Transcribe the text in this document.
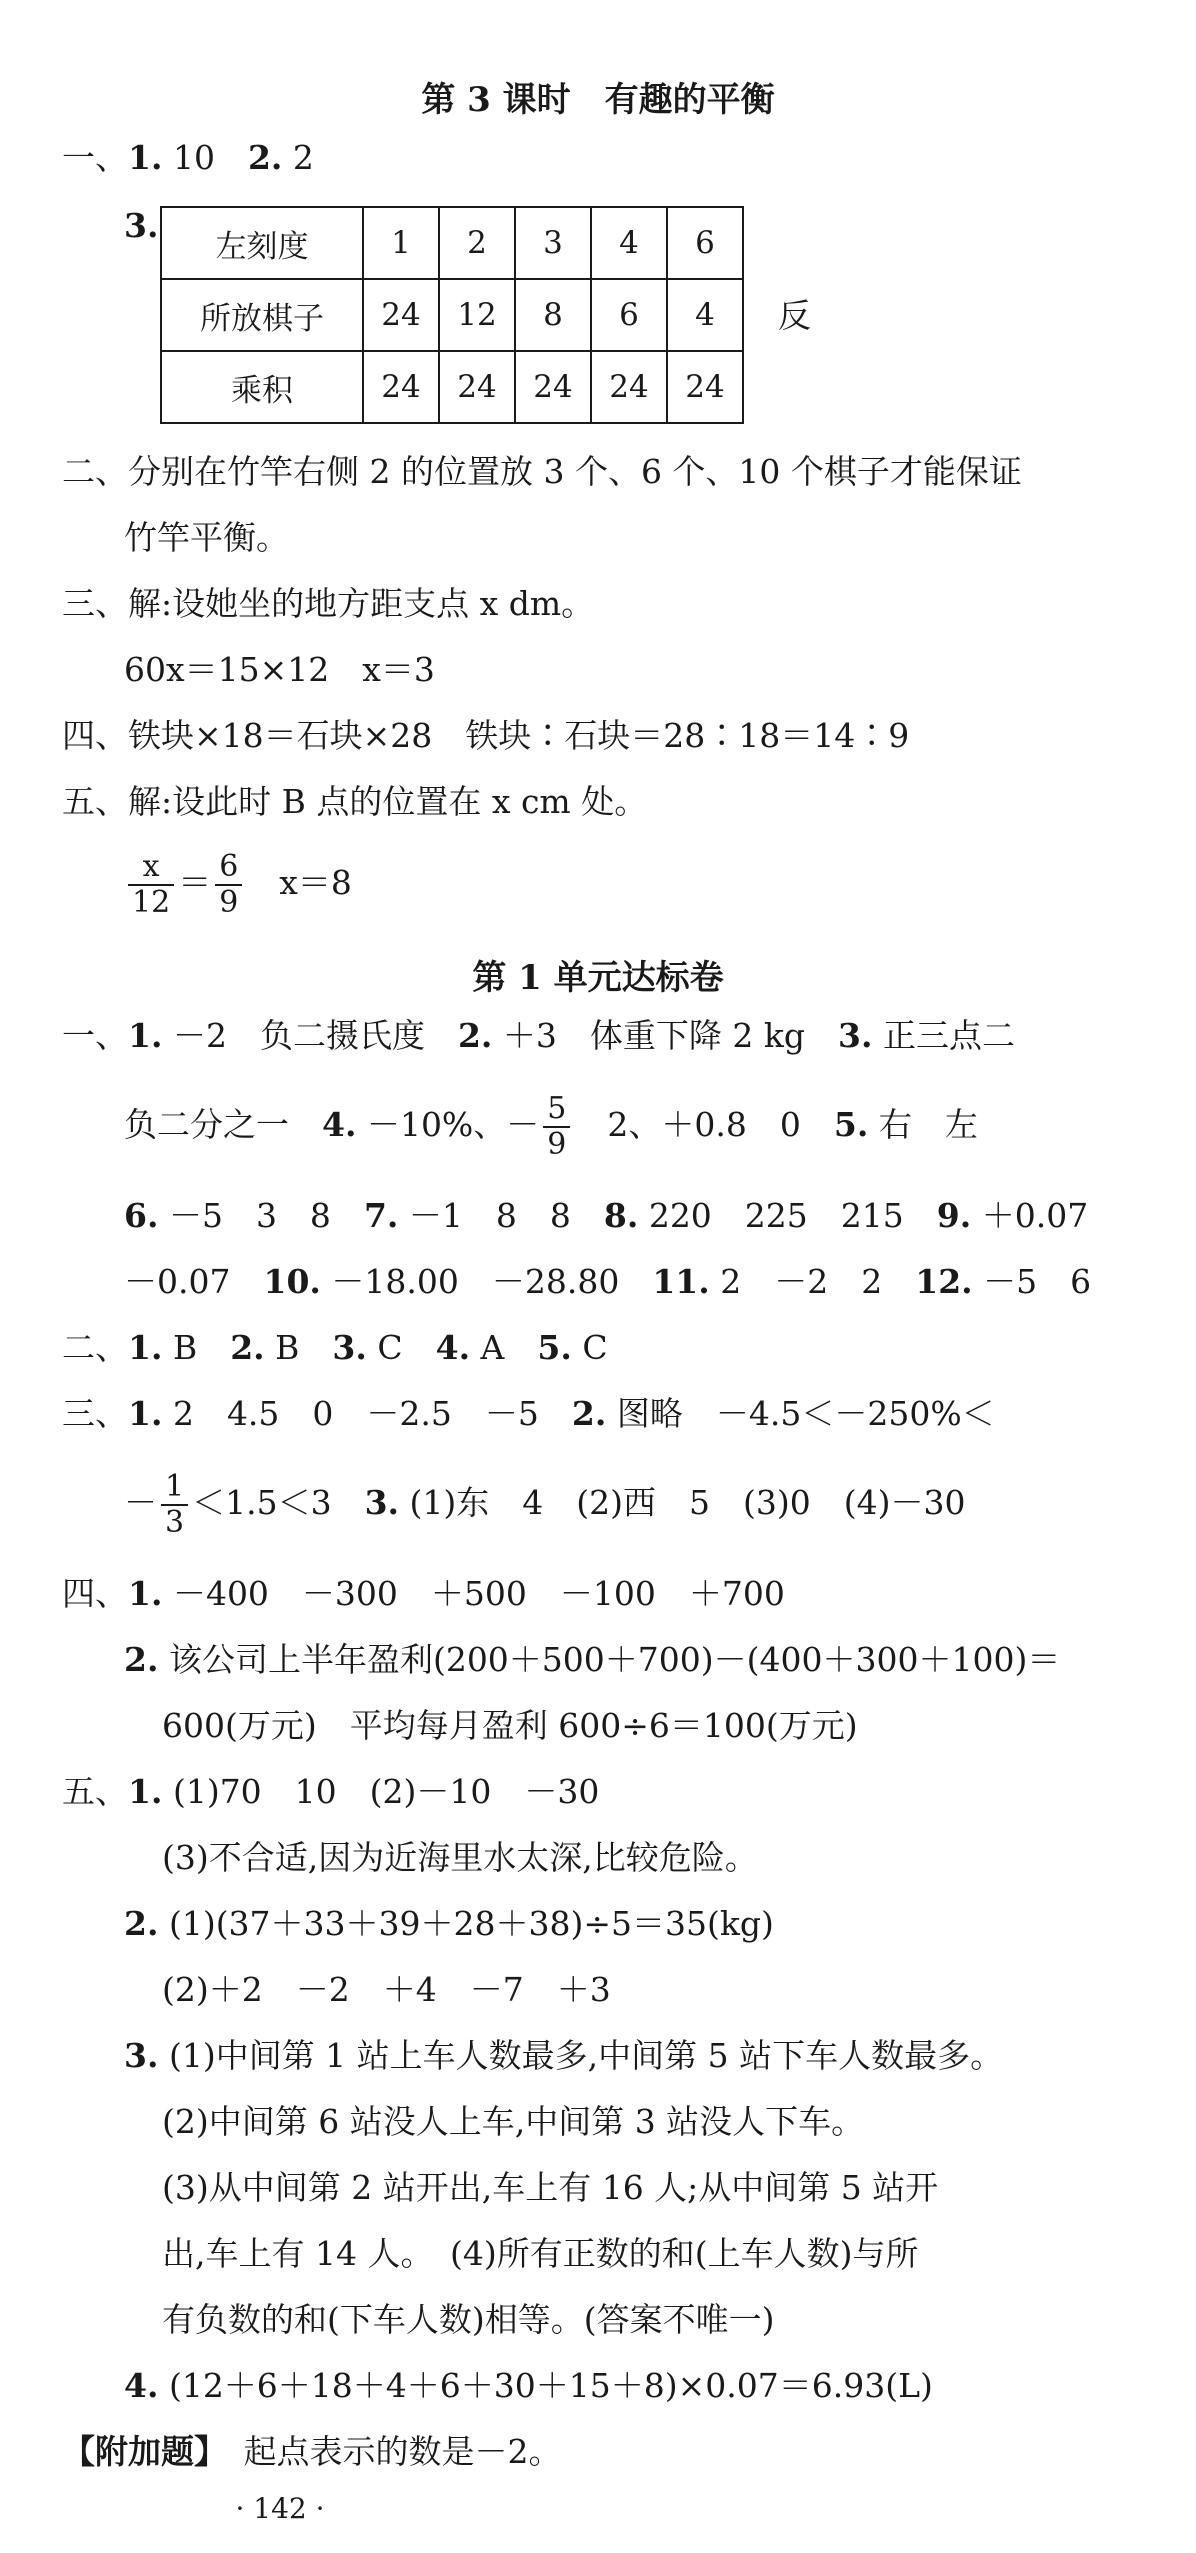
第 3 课时　有趣的平衡
一、1. 10　2. 2
3.
左刻度	1	2	3	4	6
所放棋子	24	12	8	6	4
乘积	24	24	24	24	24
反
二、分别在竹竿右侧 2 的位置放 3 个、6 个、10 个棋子才能保证
竹竿平衡。
三、解:设她坐的地方距支点 x dm。
60x＝15×12　x＝3
四、铁块×18＝石块×28　铁块∶石块＝28∶18＝14∶9
五、解:设此时 B 点的位置在 x cm 处。
$\frac{x}{12} = \frac{6}{9}$ 　x＝8
第 1 单元达标卷
一、1. －2　负二摄氏度　2. ＋3　体重下降 2 kg　3. 正三点二
负二分之一　4. －10%、－ $\frac{5}{9}$ 　2、＋0.8　0　5. 右　左
6. －5　3　8　7. －1　8　8　8. 220　225　215　9. ＋0.07
－0.07　10. －18.00　－28.80　11. 2　－2　2　12. －5　6
二、1. B　2. B　3. C　4. A　5. C
三、1. 2　4.5　0　－2.5　－5　2. 图略　－4.5＜－250%＜
－ $\frac{1}{3} <1.5<3$　3. (1)东　4　(2)西　5　(3)0　(4)－30
四、1. －400　－300　＋500　－100　＋700
2. 该公司上半年盈利(200＋500＋700)－(400＋300＋100)＝
600(万元)　平均每月盈利 600÷6＝100(万元)
五、1. (1)70　10　(2)－10　－30
(3)不合适,因为近海里水太深,比较危险。
2. (1)(37＋33＋39＋28＋38)÷5＝35(kg)
(2)＋2　－2　＋4　－7　＋3
3. (1)中间第 1 站上车人数最多,中间第 5 站下车人数最多。
(2)中间第 6 站没人上车,中间第 3 站没人下车。
(3)从中间第 2 站开出,车上有 16 人;从中间第 5 站开
出,车上有 14 人。　(4)所有正数的和(上车人数)与所
有负数的和(下车人数)相等。(答案不唯一)
4. (12＋6＋18＋4＋6＋30＋15＋8)×0.07＝6.93(L)
【附加题】　起点表示的数是－2。
· 142 ·
